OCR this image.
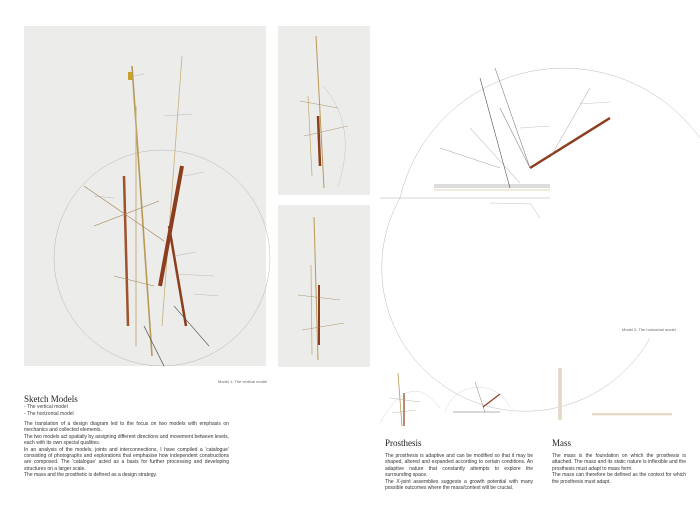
Model 1: The vertical model
Model 2: The horizontal model
Sketch Models
- The vertical model
- The horizontal model
The translation of a design diagram led to the focus on two models with emphasis on mechanics and collected elements.
The two models act spatially by assigning different directions and movement between levels, each with its own special qualities.
In an analysis of the models, joints and interconnections, I have compiled a ‘catalogue’ consisting of photographs and explorations that emphasise how independent constructions are composed. The ‘catalogue’ acted as a basis for further processing and developing structures on a larger scale.
The mass and the prosthetic is defined as a design strategy.
Prosthesis
The prosthesis is adaptive and can be modified so that it may be shaped, altered and expanded according to certain conditions. An adaptive nature that constantly attempts to explore the surrounding space.
The X-joint assemblies suggests a growth potential with many possible outcomes where the mass/context will be crucial.
Mass
The mass is the foundation on which the prosthesis is attached. The mass and its static nature is inflexible and the prosthesis must adapt to mass form.
The mass can therefore be defined as the context for which the prosthesis must adapt.
